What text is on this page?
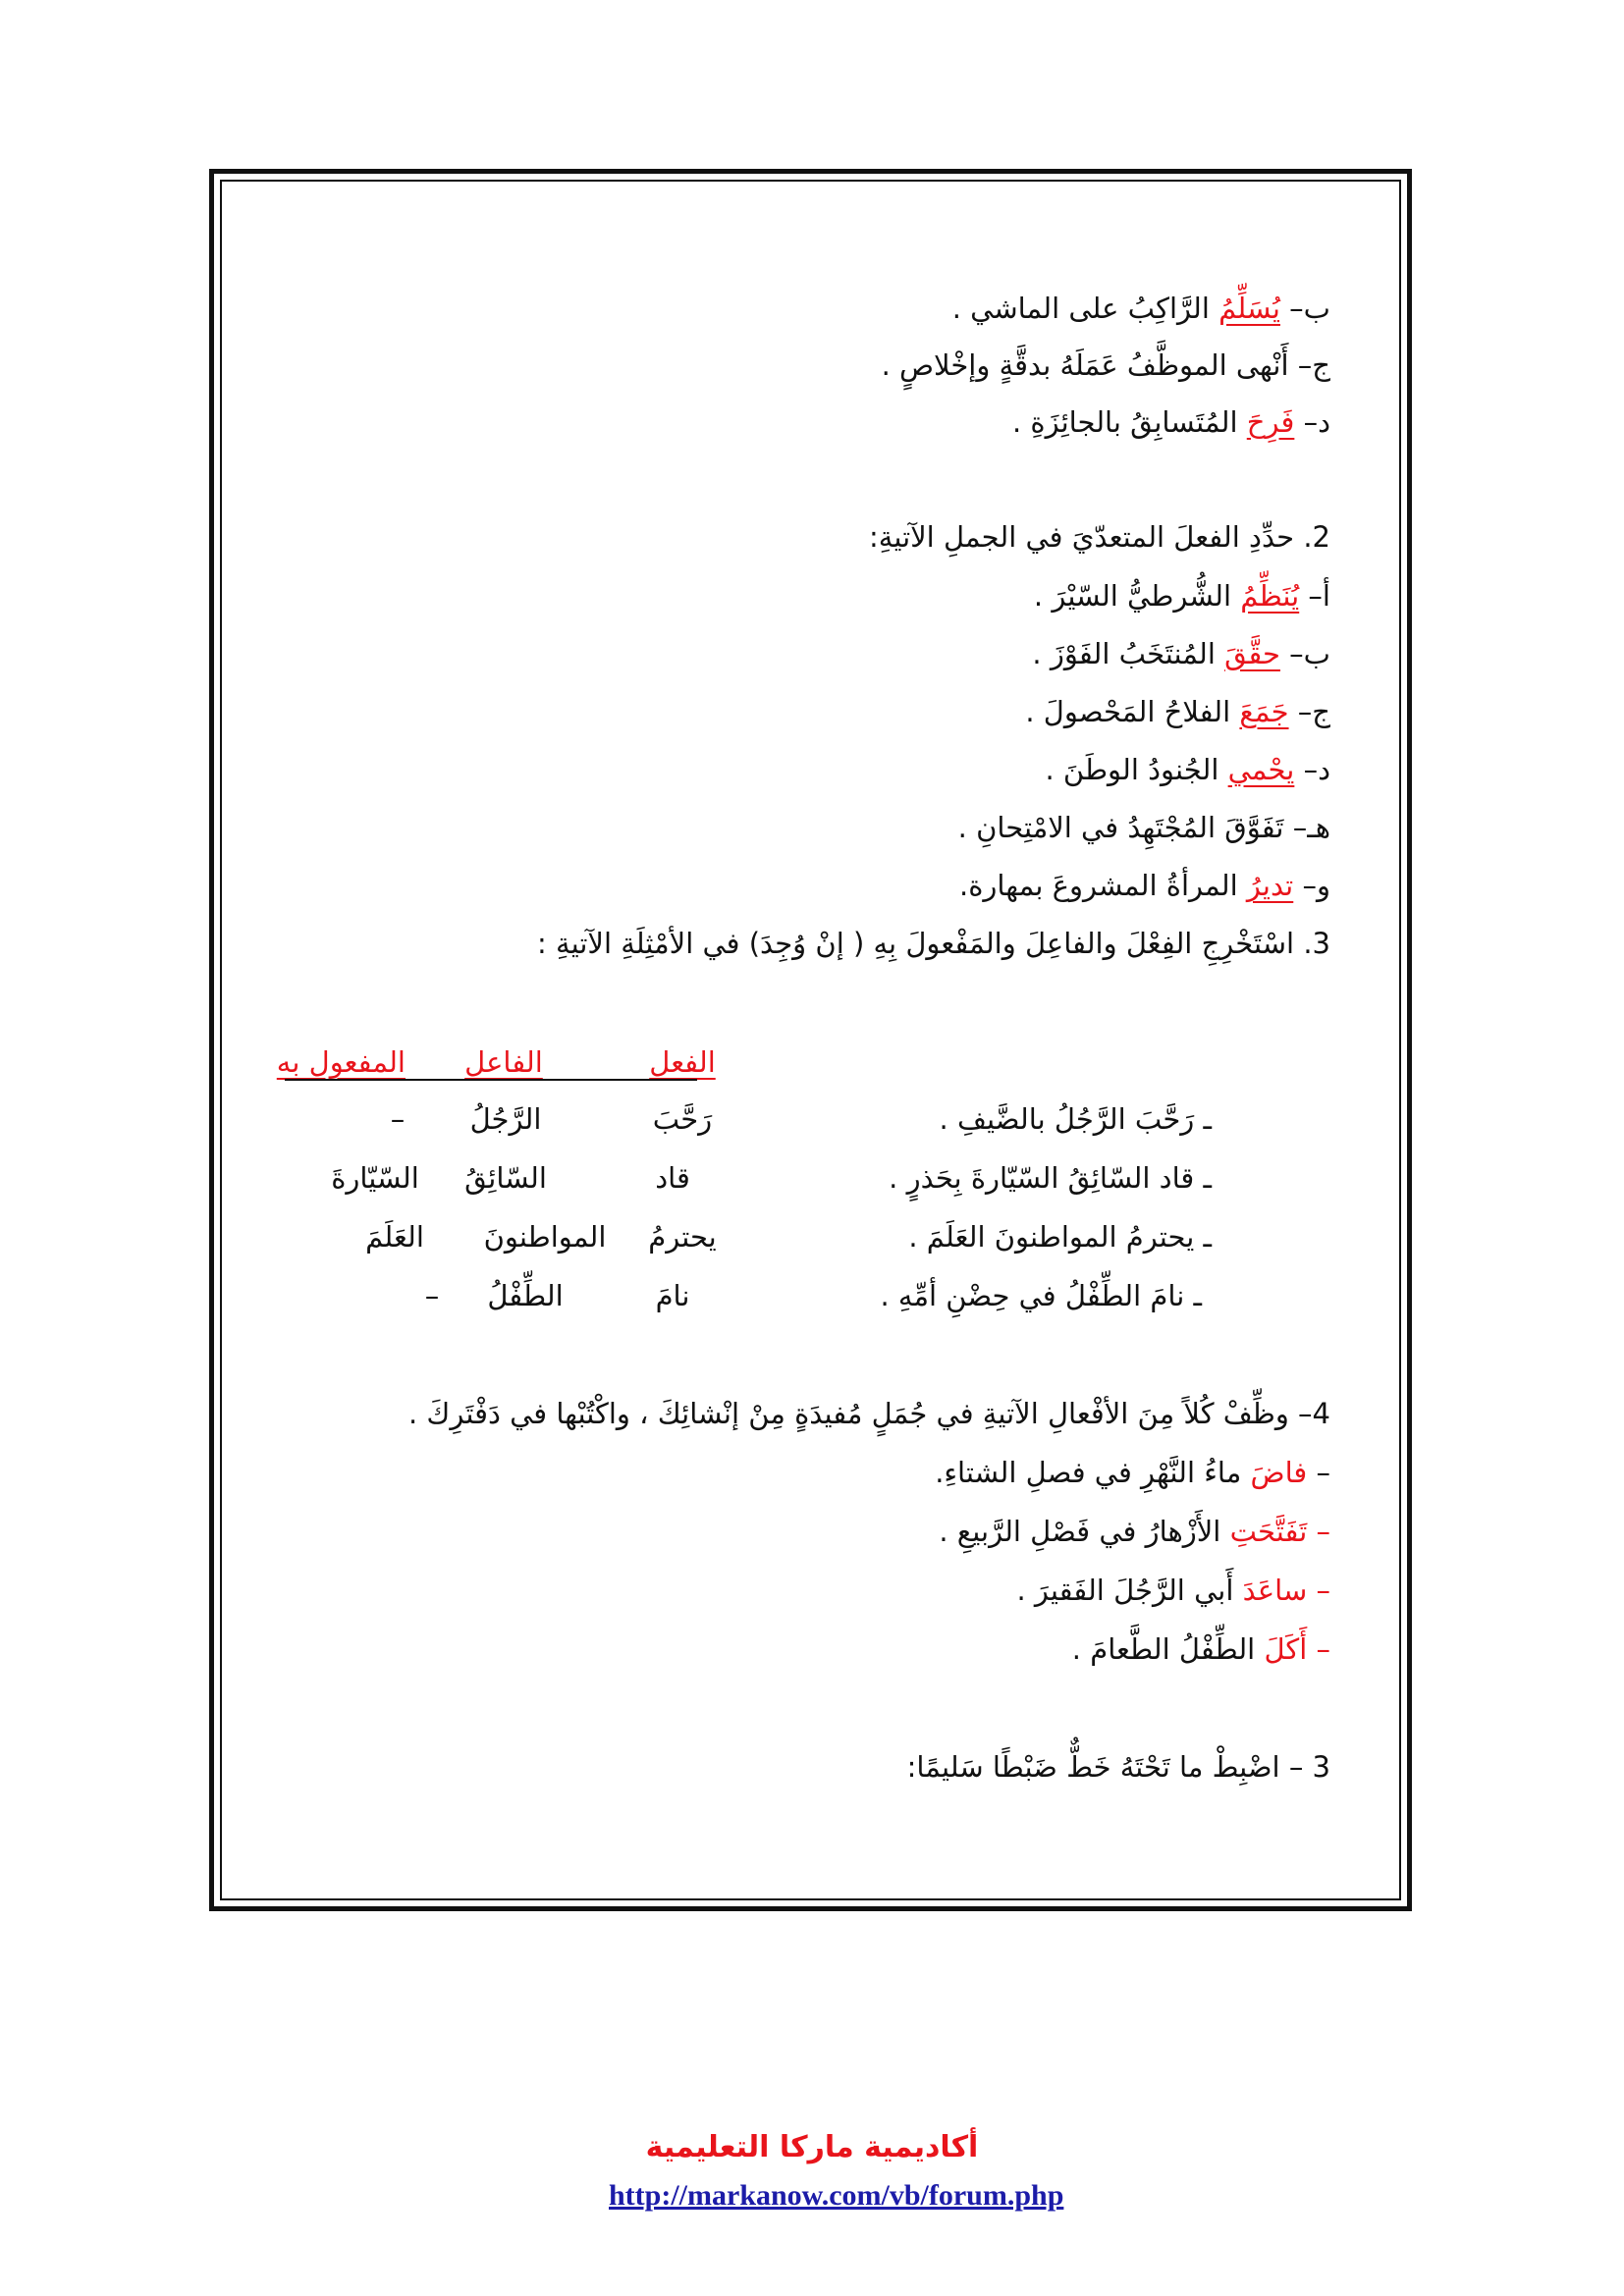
ب– يُسَلِّمُ الرَّاكِبُ على الماشي .
ج– أَنْهى الموظَّفُ عَمَلَهُ بدقَّةٍ وإخْلاصٍ .
د– فَرِحَ المُتَسابِقُ بالجائِزَةِ .
2. حدِّدِ الفعلَ المتعدّيَ في الجملِ الآتيةِ:
أ– يُنَظِّمُ الشُّرطيُّ السّيْرَ .
ب– حقَّقَ المُنتَخَبُ الفَوْزَ .
ج– جَمَعَ الفلاحُ المَحْصولَ .
د– يحْمي الجُنودُ الوطَنَ .
هـ– تَفَوَّقَ المُجْتَهِدُ في الامْتِحانِ .
و– تديرُ المرأةُ المشروعَ بمهارة.
3. اسْتَخْرِجِ الفِعْلَ والفاعِلَ والمَفْعولَ بِهِ ( إنْ وُجِدَ) في الأمْثِلَةِ الآتيةِ :
الفعل
الفاعل
المفعول به
ـ رَحَّبَ الرَّجُلُ بالضَّيفِ .
رَحَّبَ
الرَّجُلُ
–
ـ قاد السّائِقُ السّيّارةَ بِحَذرٍ .
قاد
السّائِقُ
السّيّارةَ
ـ يحترمُ المواطنونَ العَلَمَ .
يحترمُ
المواطنونَ
العَلَمَ
ـ نامَ الطِّفْلُ في حِضْنِ أمِّهِ .
نامَ
الطِّفْلُ
–
4– وظِّفْ كُلاً مِنَ الأفْعالِ الآتيةِ في جُمَلٍ مُفيدَةٍ مِنْ إنْشائِكَ ، واكْتُبْها في دَفْتَرِكَ .
– فاضَ ماءُ النَّهْرِ في فصلِ الشتاءِ.
– تَفَتَّحَتِ الأَزْهارُ في فَصْلِ الرَّبيعِ .
– ساعَدَ أَبي الرَّجُلَ الفَقيرَ .
– أَكَلَ الطِّفْلُ الطَّعامَ .
3 – اضْبِطْ ما تَحْتَهُ خَطٌّ ضَبْطًا سَليمًا:
أكاديمية ماركا التعليمية
http://markanow.com/vb/forum.php
